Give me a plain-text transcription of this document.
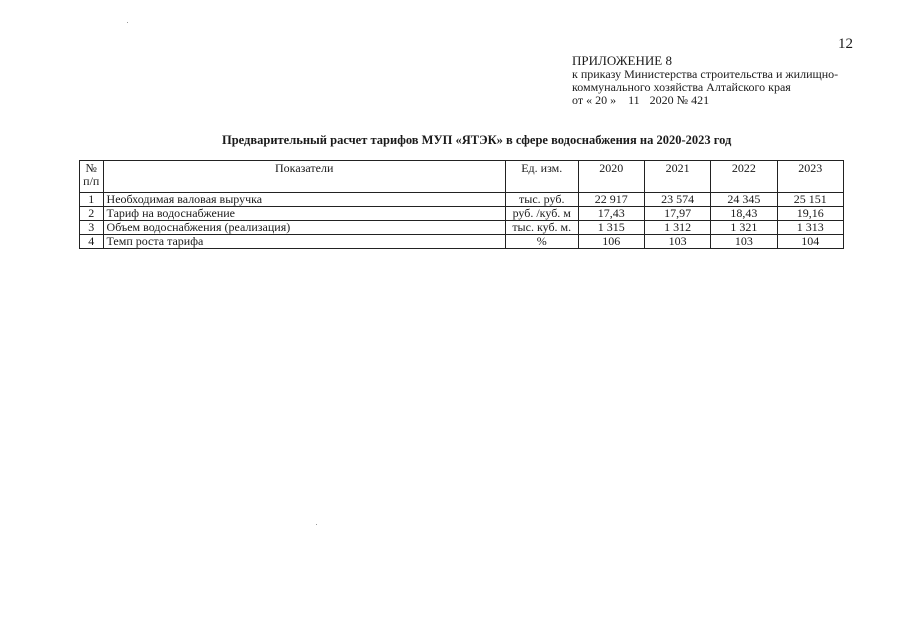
12
ПРИЛОЖЕНИЕ 8
к приказу Министерства строительства и жилищно-
коммунального хозяйства Алтайского края
от « 20 » 11 2020 № 421
Предварительный расчет тарифов МУП «ЯТЭК» в сфере водоснабжения на 2020-2023 год
№ п/п	Показатели	Ед. изм.	2020	2021	2022	2023
1	Необходимая валовая выручка	тыс. руб.	22 917	23 574	24 345	25 151
2	Тариф на водоснабжение	руб. /куб. м	17,43	17,97	18,43	19,16
3	Объем водоснабжения (реализация)	тыс. куб. м.	1 315	1 312	1 321	1 313
4	Темп роста тарифа	%	106	103	103	104
